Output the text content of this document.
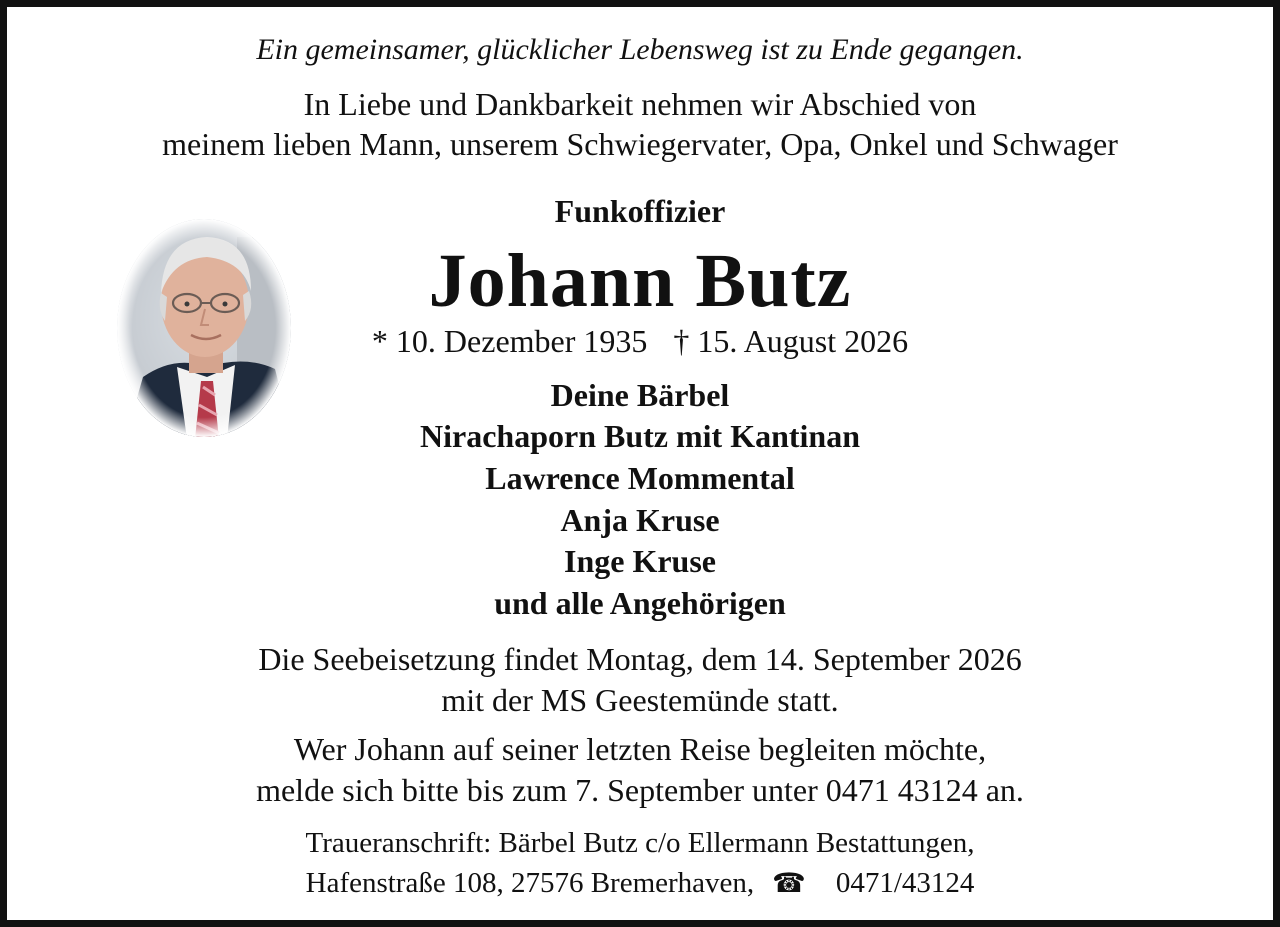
Ein gemeinsamer, glücklicher Lebensweg ist zu Ende gegangen.
In Liebe und Dankbarkeit nehmen wir Abschied von
meinem lieben Mann, unserem Schwiegervater, Opa, Onkel und Schwager
Funkoffizier
Johann Butz
* 10. Dezember 1935 † 15. August 2026
Deine Bärbel
Nirachaporn Butz mit Kantinan
Lawrence Mommental
Anja Kruse
Inge Kruse
und alle Angehörigen
Die Seebeisetzung findet Montag, dem 14. September 2026
mit der MS Geestemünde statt.
Wer Johann auf seiner letzten Reise begleiten möchte,
melde sich bitte bis zum 7. September unter 0471 43124 an.
Traueranschrift: Bärbel Butz c/o Ellermann Bestattungen,
Hafenstraße 108, 27576 Bremerhaven, ☎ 0471/43124
